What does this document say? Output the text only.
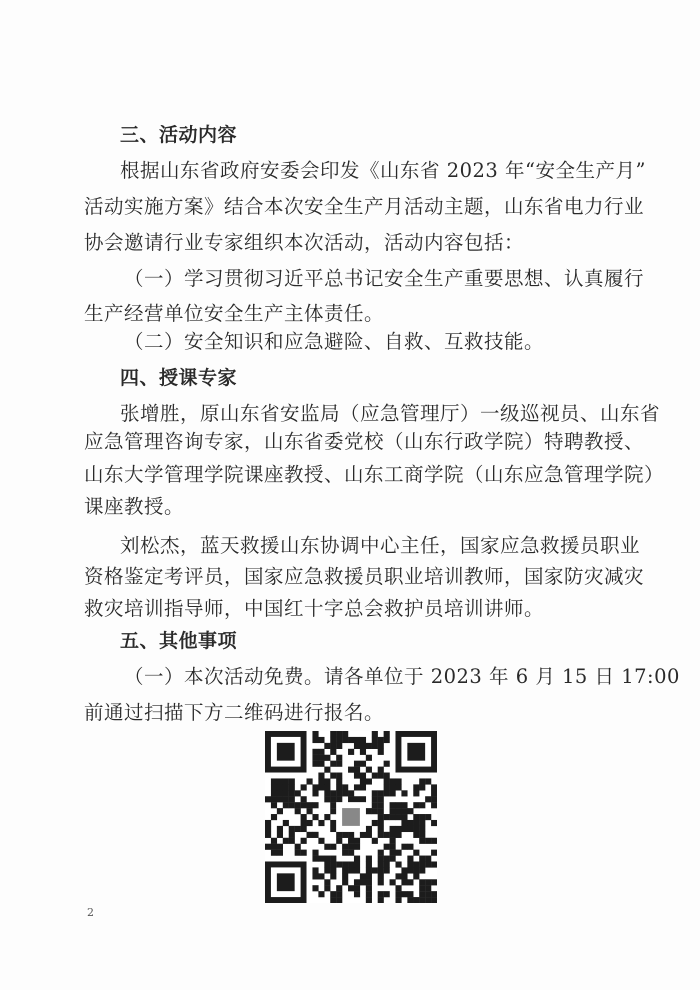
三、活动内容
根据山东省政府安委会印发《山东省 2023 年“安全生产月”
活动实施方案》结合本次安全生产月活动主题，山东省电力行业
协会邀请行业专家组织本次活动，活动内容包括：
（一）学习贯彻习近平总书记安全生产重要思想、认真履行
生产经营单位安全生产主体责任。
（二）安全知识和应急避险、自救、互救技能。
四、授课专家
张增胜，原山东省安监局（应急管理厅）一级巡视员、山东省
应急管理咨询专家，山东省委党校（山东行政学院）特聘教授、
山东大学管理学院课座教授、山东工商学院（山东应急管理学院）
课座教授。
刘松杰，蓝天救援山东协调中心主任，国家应急救援员职业
资格鉴定考评员，国家应急救援员职业培训教师，国家防灾减灾
救灾培训指导师，中国红十字总会救护员培训讲师。
五、其他事项
（一）本次活动免费。请各单位于 2023 年 6 月 15 日 17:00
前通过扫描下方二维码进行报名。
2
